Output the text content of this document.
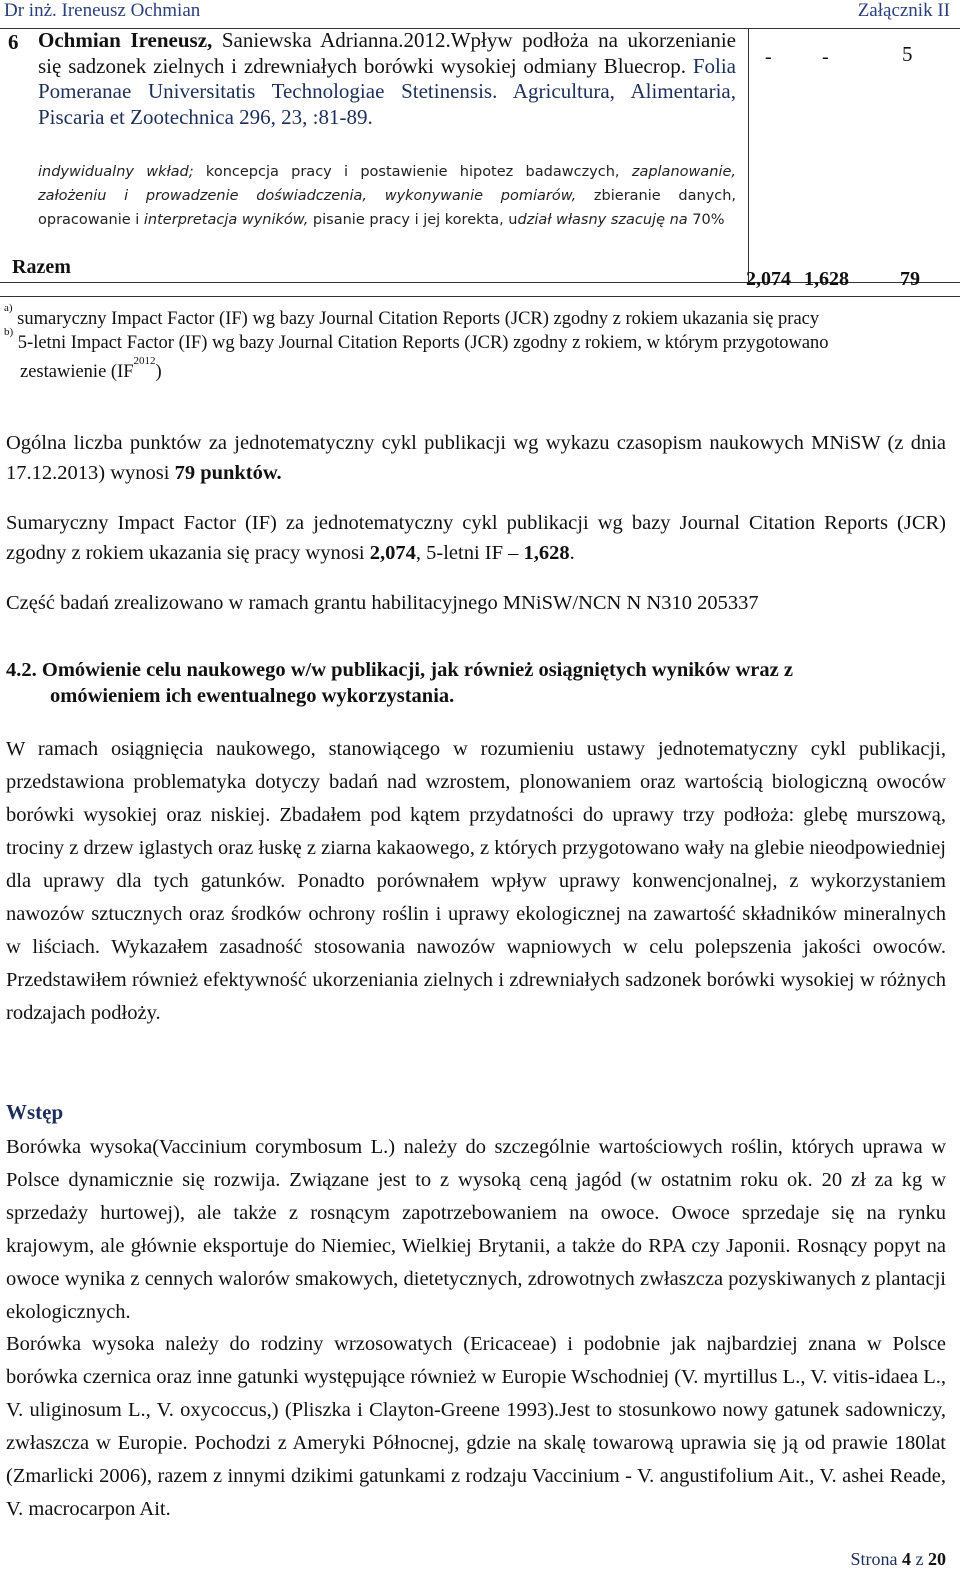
Dr inż. Ireneusz Ochmian	Załącznik II
6 Ochmian Ireneusz, Saniewska Adrianna.2012.Wpływ podłoża na ukorzenianie się sadzonek zielnych i zdrewniałych borówki wysokiej odmiany Bluecrop. Folia Pomeranae Universitatis Technologiae Stetinensis. Agricultura, Alimentaria, Piscaria et Zootechnica 296, 23, :81-89.
indywidualny wkład; koncepcja pracy i postawienie hipotez badawczych, zaplanowanie, założeniu i prowadzenie doświadczenia, wykonywanie pomiarów, zbieranie danych, opracowanie i interpretacja wyników, pisanie pracy i jej korekta, udział własny szacuję na 70%
-	-	5
Razem
2,074 1,628	79
$^{a)}$ sumaryczny Impact Factor (IF) wg bazy Journal Citation Reports (JCR) zgodny z rokiem ukazania się pracy
$^{b)}$ 5-letni Impact Factor (IF) wg bazy Journal Citation Reports (JCR) zgodny z rokiem, w którym przygotowano
zestawienie $(IF^{2012})$
Ogólna liczba punktów za jednotematyczny cykl publikacji wg wykazu czasopism naukowych MNiSW (z dnia 17.12.2013) wynosi 79 punktów.
Sumaryczny Impact Factor (IF) za jednotematyczny cykl publikacji wg bazy Journal Citation Reports (JCR) zgodny z rokiem ukazania się pracy wynosi 2,074, 5-letni IF – 1,628.
Część badań zrealizowano w ramach grantu habilitacyjnego MNiSW/NCN N N310 205337
4.2. Omówienie celu naukowego w/w publikacji, jak również osiągniętych wyników wraz z
omówieniem ich ewentualnego wykorzystania.
W ramach osiągnięcia naukowego, stanowiącego w rozumieniu ustawy jednotematyczny cykl publikacji, przedstawiona problematyka dotyczy badań nad wzrostem, plonowaniem oraz wartością biologiczną owoców borówki wysokiej oraz niskiej. Zbadałem pod kątem przydatności do uprawy trzy podłoża: glebę murszową, trociny z drzew iglastych oraz łuskę z ziarna kakaowego, z których przygotowano wały na glebie nieodpowiedniej dla uprawy dla tych gatunków. Ponadto porównałem wpływ uprawy konwencjonalnej, z wykorzystaniem nawozów sztucznych oraz środków ochrony roślin i uprawy ekologicznej na zawartość składników mineralnych w liściach. Wykazałem zasadność stosowania nawozów wapniowych w celu polepszenia jakości owoców. Przedstawiłem również efektywność ukorzeniania zielnych i zdrewniałych sadzonek borówki wysokiej w różnych rodzajach podłoży.
Wstęp
Borówka wysoka(Vaccinium corymbosum L.) należy do szczególnie wartościowych roślin, których uprawa w Polsce dynamicznie się rozwija. Związane jest to z wysoką ceną jagód (w ostatnim roku ok. 20 zł za kg w sprzedaży hurtowej), ale także z rosnącym zapotrzebowaniem na owoce. Owoce sprzedaje się na rynku krajowym, ale głównie eksportuje do Niemiec, Wielkiej Brytanii, a także do RPA czy Japonii. Rosnący popyt na owoce wynika z cennych walorów smakowych, dietetycznych, zdrowotnych zwłaszcza pozyskiwanych z plantacji ekologicznych.
Borówka wysoka należy do rodziny wrzosowatych (Ericaceae) i podobnie jak najbardziej znana w Polsce borówka czernica oraz inne gatunki występujące również w Europie Wschodniej (V. myrtillus L., V. vitis-idaea L., V. uliginosum L., V. oxycoccus,) (Pliszka i Clayton-Greene 1993).Jest to stosunkowo nowy gatunek sadowniczy, zwłaszcza w Europie. Pochodzi z Ameryki Północnej, gdzie na skalę towarową uprawia się ją od prawie 180lat (Zmarlicki 2006), razem z innymi dzikimi gatunkami z rodzaju Vaccinium - V. angustifolium Ait., V. ashei Reade, V. macrocarpon Ait.
Strona 4 z 20
